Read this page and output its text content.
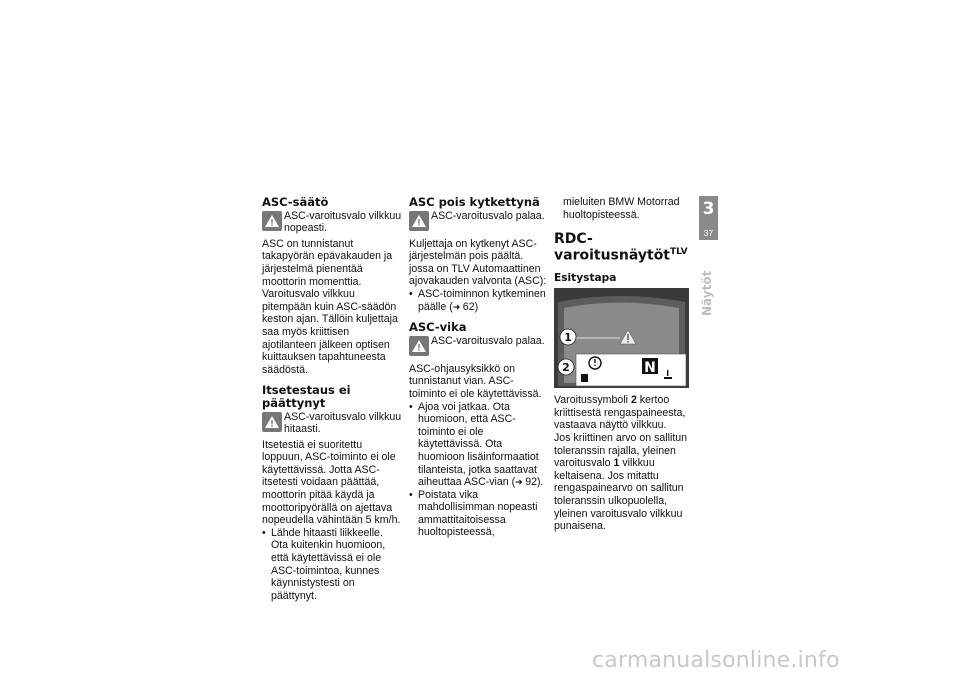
ASC-säätö

ASC-varoitusvalo vilkkuu

nopeasti.

ASC on tunnistanut takapyörän epävakauden ja järjestelmä pienentää moottorin momenttia. Varoitusvalo vilkkuu pitempään kuin ASC-säädön keston ajan. Tällöin kuljettaja saa myös kriittisen ajotilanteen jälkeen optisen kuittauksen tapahtuneesta säädöstä.

Itsetestaus ei päättynyt

ASC-varoitusvalo vilkkuu

hitaasti.

Itsetestiä ei suoritettu loppuun, ASC-toiminto ei ole käytettävissä. Jotta ASC-itsetesti voidaan päättää, moottorin pitää käydä ja moottoripyörällä on ajettava nopeudella vähintään 5 km/h.

• Lähde hitaasti liikkeelle. Ota kuitenkin huomioon, että käytettävissä ei ole ASC-toimintoa, kunnes käynnistystesti on päättynyt.
ASC pois kytkettynä

ASC-varoitusvalo palaa.

Kuljettaja on kytkenyt ASC-järjestelmän pois päältä. jossa on TLV Automaattinen ajovakauden valvonta (ASC):

• ASC-toiminnon kytkeminen päälle (➜ 62)
ASC-vika

ASC-varoitusvalo palaa.

ASC-ohjausyksikkö on tunnistanut vian. ASC-toiminto ei ole käytettävissä.

• Ajoa voi jatkaa. Ota huomioon, että ASC-toiminto ei ole käytettävissä. Ota huomioon lisäinformaatiot tilanteista, jotka saattavat aiheuttaa ASC-vian (➜ 92).
• Poistata vika mahdollisimman nopeasti ammattitaitoisessa huoltopisteessä,

mieluiten BMW Motorrad huoltopisteessä.

RDC-varoitusnäytöt$^{TLV}$
Esitystapa
1
2	N

Varoitussymboli 2 kertoo kriittisestä rengaspaineesta, vastaava näyttö vilkkuu.

Jos kriittinen arvo on sallitun toleranssin rajalla, yleinen varoitusvalo 1 vilkkuu keltaisena. Jos mitattu rengaspainearvo on sallitun toleranssin ulkopuolella, yleinen varoitusvalo vilkkuu punaisena.

3
37
Näytöt
carmanualsonline.info
